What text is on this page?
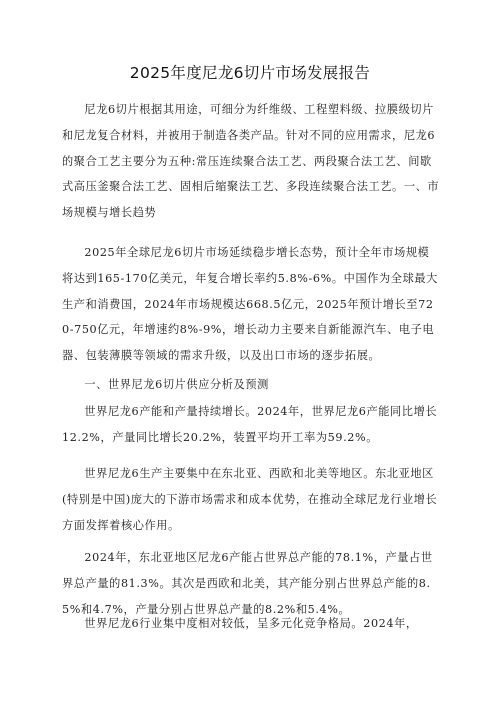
2025年度尼龙6切片市场发展报告
尼龙6切片根据其用途，可细分为纤维级、工程塑料级、拉膜级切片和尼龙复合材料，并被用于制造各类产品。针对不同的应用需求，尼龙6的聚合工艺主要分为五种:常压连续聚合法工艺、两段聚合法工艺、间歇式高压釜聚合法工艺、固相后缩聚法工艺、多段连续聚合法工艺。一、市场规模与增长趋势
2025年全球尼龙6切片市场延续稳步增长态势，预计全年市场规模将达到165-170亿美元，年复合增长率约5.8%-6%。中国作为全球最大生产和消费国，2024年市场规模达668.5亿元，2025年预计增长至720-750亿元，年增速约8%-9%，增长动力主要来自新能源汽车、电子电器、包装薄膜等领域的需求升级，以及出口市场的逐步拓展。
一、世界尼龙6切片供应分析及预测
世界尼龙6产能和产量持续增长。2024年，世界尼龙6产能同比增长12.2%，产量同比增长20.2%，装置平均开工率为59.2%。
世界尼龙6生产主要集中在东北亚、西欧和北美等地区。东北亚地区(特别是中国)庞大的下游市场需求和成本优势，在推动全球尼龙行业增长方面发挥着核心作用。
2024年，东北亚地区尼龙6产能占世界总产能的78.1%，产量占世界总产量的81.3%。其次是西欧和北美，其产能分别占世界总产能的8.5%和4.7%，产量分别占世界总产量的8.2%和5.4%。
世界尼龙6行业集中度相对较低，呈多元化竞争格局。2024年，
